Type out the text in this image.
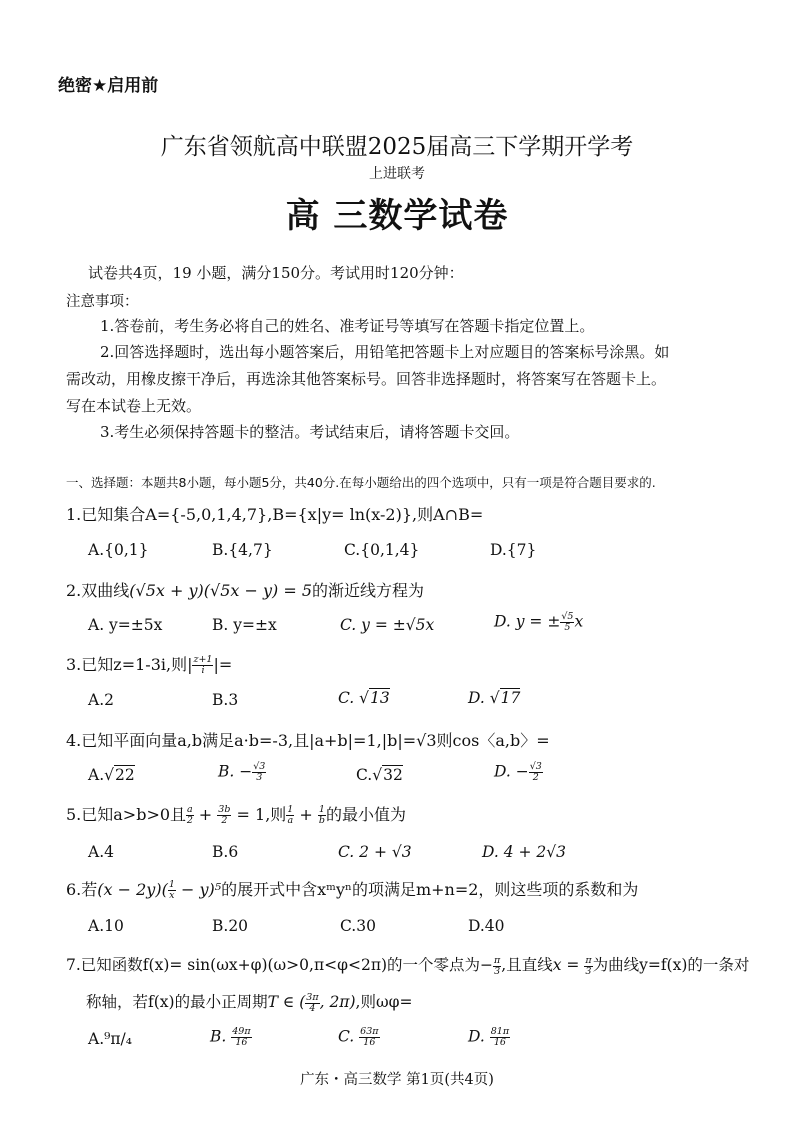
绝密★启用前
广东省领航高中联盟2025届高三下学期开学考
上进联考
高 三数学试卷
试卷共4页，19 小题，满分150分。考试用时120分钟：
注意事项：
1.答卷前，考生务必将自己的姓名、准考证号等填写在答题卡指定位置上。
2.回答选择题时，选出每小题答案后，用铅笔把答题卡上对应题目的答案标号涂黑。如
需改动，用橡皮擦干净后，再选涂其他答案标号。回答非选择题时，将答案写在答题卡上。
写在本试卷上无效。
3.考生必须保持答题卡的整洁。考试结束后，请将答题卡交回。
一、选择题：本题共8小题，每小题5分，共40分.在每小题给出的四个选项中，只有一项是符合题目要求的.
1.已知集合A={-5,0,1,4,7},B={x|y= ln(x-2)},则A∩B=
A.{0,1}	B.{4,7}	C.{0,1,4}	D.{7}
2.双曲线(√5x + y)(√5x − y) = 5的渐近线方程为
A. y=±5x	B. y=±x	C. y = ±√5x	D. y = ± $\frac{√5}{5}$ x
3.已知z=1-3i,则| $\frac{z+1}{i}$ |=
A.2	B.3	C. √13	D. √17
4.已知平面向量a,b满足a·b=-3,且|a+b|=1,|b|=√3则cos〈a,b〉=
A.√22	B. − $\frac{√3}{3}$	C.√32	D. − $\frac{√3}{2}$
5.已知a>b>0且 $\frac{a}{2} + \frac{3b}{2} = 1$,则 $\frac{1}{a} + \frac{1}{b}$ 的最小值为
A.4	B.6	C. 2 + √3	D. 4 + 2√3
6.若$(x - 2y)( \frac{1}{x} - y)^5$的展开式中含xᵐyⁿ的项满足m+n=2，则这些项的系数和为
A.10	B.20	C.30	D.40
7.已知函数f(x)= sin(ωx+φ)(ω>0,π<φ<2π)的一个零点为− $\frac{\pi}{3}$ ,且直线$x = \frac{\pi}{3}$ 为曲线y=f(x)的一条对
称轴，若f(x)的最小正周期T ∈ ( $\frac{3\pi}{4}$ , 2π),则ωφ=
A.⁹π/₄	B. $\frac{49\pi}{16}$	C. $\frac{63\pi}{16}$	D. $\frac{81\pi}{16}$
广东・高三数学 第1页(共4页)
